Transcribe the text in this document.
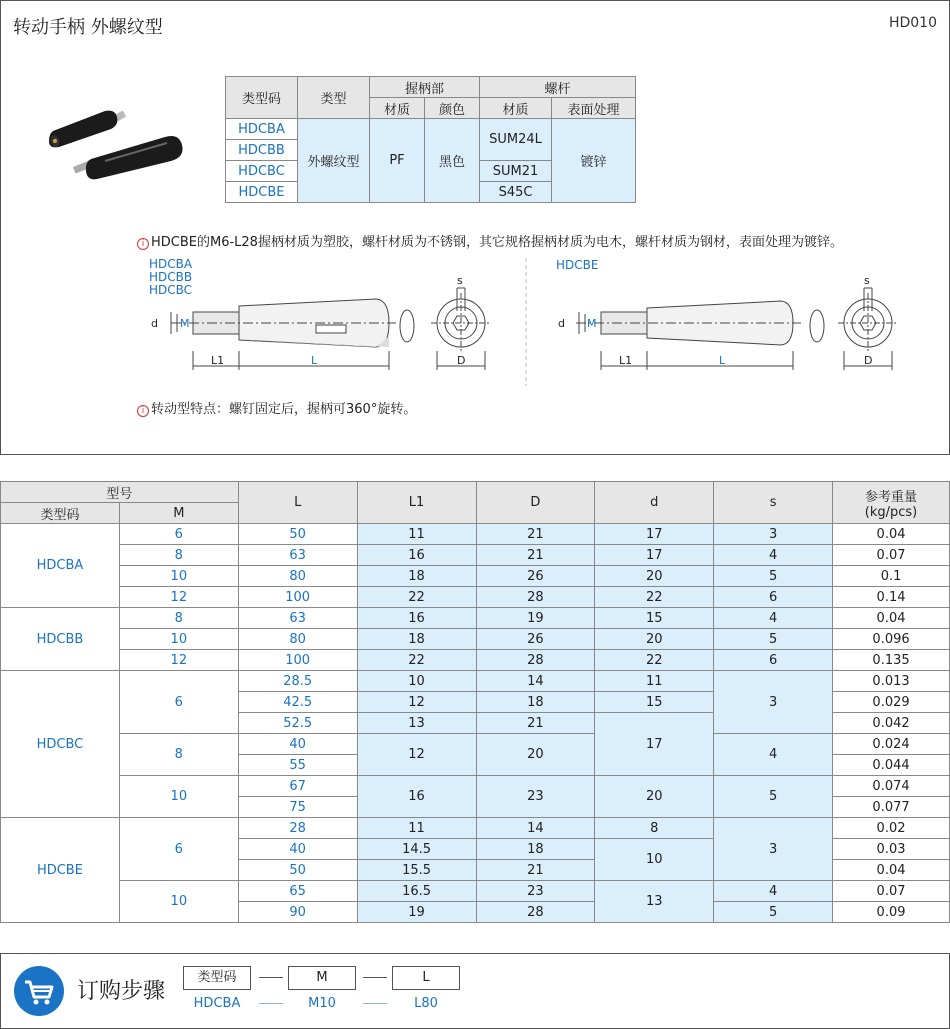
转动手柄 外螺纹型	HD010
类型码	类型	握柄部		螺杆	
		材质	颜色	材质	表面处理
HDCBA	外螺纹型	PF	黑色	SUM24L	镀锌
HDCBB					
HDCBC				SUM21	
HDCBE				S45C	
i HDCBE的M6-L28握柄材质为塑胶，螺杆材质为不锈钢，其它规格握柄材质为电木，螺杆材质为钢材，表面处理为镀锌。
HDCBA
HDCBB
HDCBC
HDCBE
d M
L1	L	D
s
d M
L1	L	D
s
i 转动型特点：螺钉固定后，握柄可360°旋转。
型号		L	L1	D	d	s	参考重量
(kg/pcs)

类型码	M						
HDCBA	6	50	11	21	17	3	0.04
	8	63	16	21	17	4	0.07
	10	80	18	26	20	5	0.1
	12	100	22	28	22	6	0.14
HDCBB	8	63	16	19	15	4	0.04
	10	80	18	26	20	5	0.096
	12	100	22	28	22	6	0.135
HDCBC	6	28.5	10	14	11	3	0.013
		42.5	12	18	15		0.029
		52.5	13	21	17		0.042
	8	40	12	20		4	0.024
		55					0.044
	10	67	16	23	20	5	0.074
		75					0.077
HDCBE	6	28	11	14	8	3	0.02
		40	14.5	18	10		0.03
		50	15.5	21			0.04
	10	65	16.5	23	13	4	0.07
		90	19	28		5	0.09
订购步骤
类型码	M	L
HDCBA	M10	L80
